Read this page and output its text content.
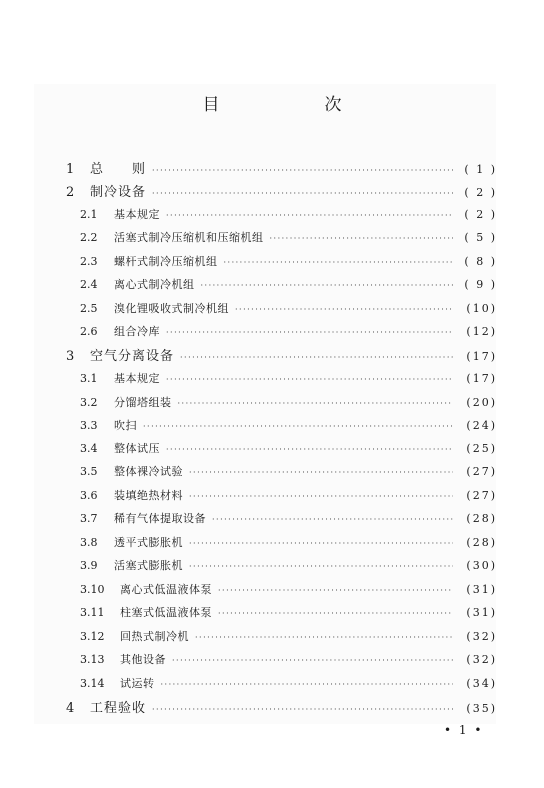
目　次
1	总　　则 ·····	( 1 )
2	制冷设备 ·····	( 2 )
2.1	基本规定 ·····	( 2 )
2.2	活塞式制冷压缩机和压缩机组 ·····	( 5 )
2.3	螺杆式制冷压缩机组 ·····	( 8 )
2.4	离心式制冷机组 ·····	( 9 )
2.5	溴化锂吸收式制冷机组 ·····	(10)
2.6	组合冷库 ·····	(12)
3	空气分离设备 ·····	(17)
3.1	基本规定 ·····	(17)
3.2	分馏塔组装 ·····	(20)
3.3	吹扫 ·····	(24)
3.4	整体试压 ·····	(25)
3.5	整体裸冷试验 ·····	(27)
3.6	装填绝热材料 ·····	(27)
3.7	稀有气体提取设备 ·····	(28)
3.8	透平式膨胀机 ·····	(28)
3.9	活塞式膨胀机 ·····	(30)
3.10	离心式低温液体泵 ·····	(31)
3.11	柱塞式低温液体泵 ·····	(31)
3.12	回热式制冷机 ·····	(32)
3.13	其他设备 ·····	(32)
3.14	试运转 ·····	(34)
4	工程验收 ·····	(35)
• 1 •
